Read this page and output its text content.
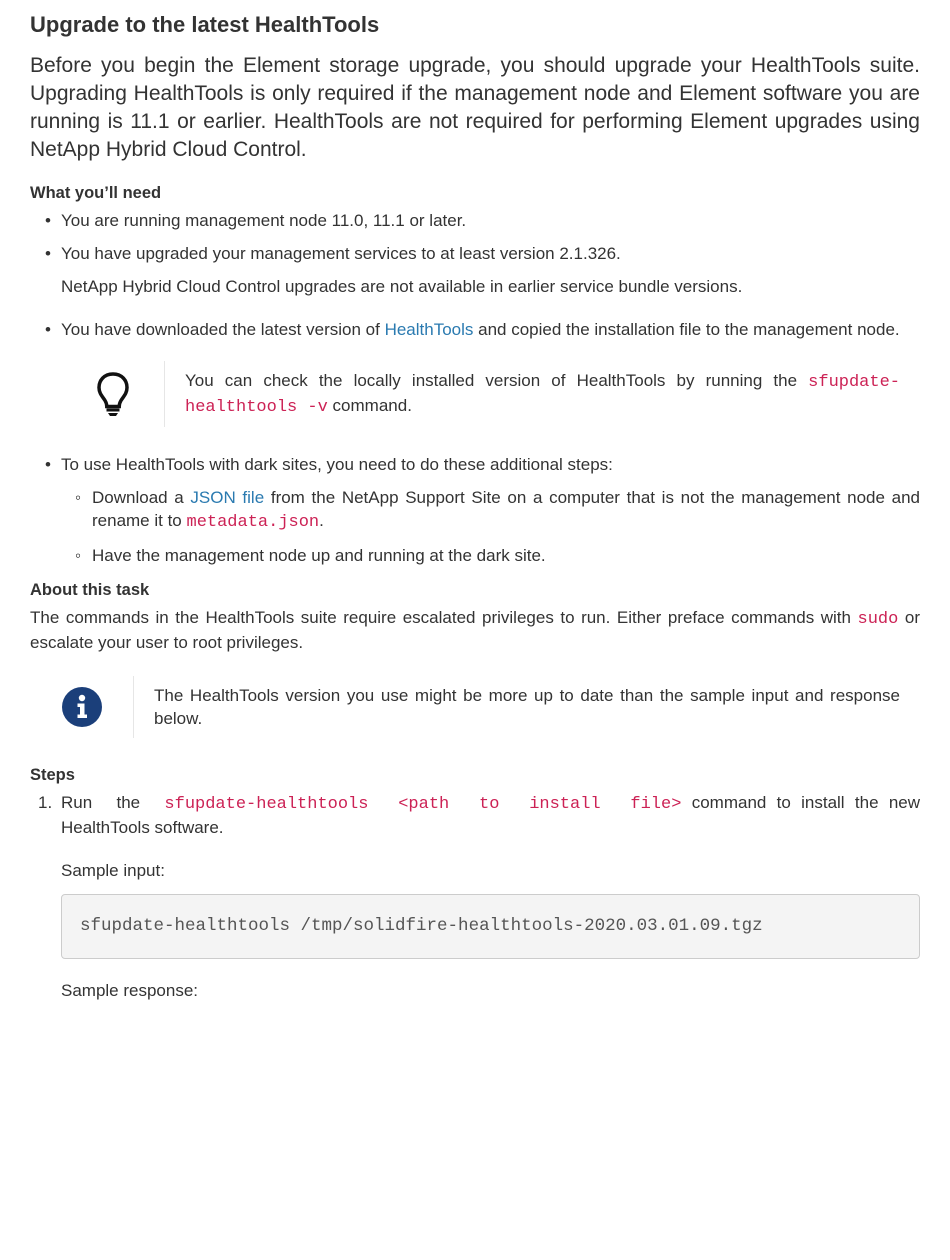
Upgrade to the latest HealthTools

Before you begin the Element storage upgrade, you should upgrade your HealthTools suite. Upgrading HealthTools is only required if the management node and Element software you are running is 11.1 or earlier. HealthTools are not required for performing Element upgrades using NetApp Hybrid Cloud Control.

What you’ll need
• You are running management node 11.0, 11.1 or later.
• You have upgraded your management services to at least version 2.1.326.

NetApp Hybrid Cloud Control upgrades are not available in earlier service bundle versions.

• You have downloaded the latest version of HealthTools and copied the installation file to the management node.
You can check the locally installed version of HealthTools by running the sfupdate-healthtools -v command.
• To use HealthTools with dark sites, you need to do these additional steps:
◦ Download a JSON file from the NetApp Support Site on a computer that is not the management node and rename it to metadata.json.
◦ Have the management node up and running at the dark site.
About this task

The commands in the HealthTools suite require escalated privileges to run. Either preface commands with sudo or escalate your user to root privileges.

The HealthTools version you use might be more up to date than the sample input and response below.
Steps
1. Run the sfupdate-healthtools <path to install file> command to install the new HealthTools software.

Sample input:

sfupdate-healthtools /tmp/solidfire-healthtools-2020.03.01.09.tgz

Sample response:
